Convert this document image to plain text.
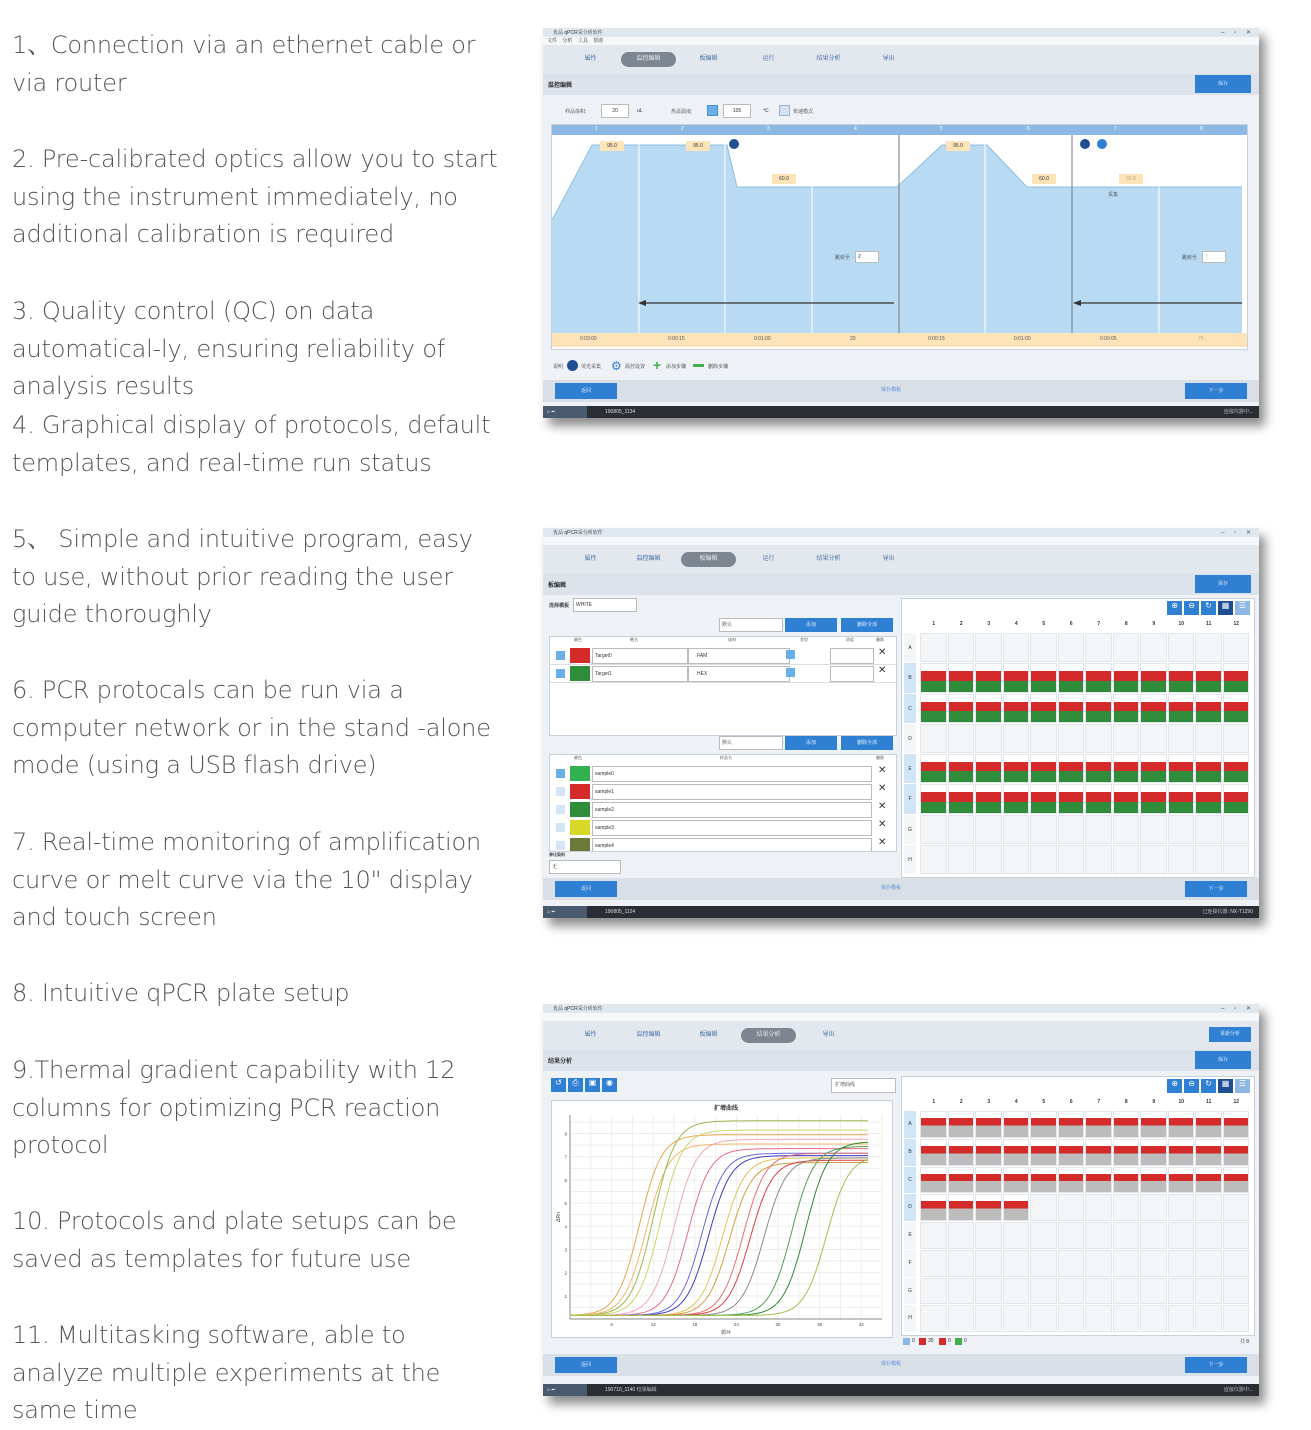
1、Connection via an ethernet cable or via router
2. Pre-calibrated optics allow you to start using the instrument immediately, no additional calibration is required
3. Quality control (QC) on data automatical-ly, ensuring reliability of analysis results
4. Graphical display of protocols, default templates, and real-time run status
5、 Simple and intuitive program, easy to use, without prior reading the user guide thoroughly
6. PCR protocals can be run via a computer network or in the stand -alone mode (using a USB flash drive)
7. Real-time monitoring of amplification curve or melt curve via the 10" display and touch screen
8. Intuitive qPCR plate setup
9.Thermal gradient capability with 12 columns for optimizing PCR reaction protocol
10. Protocols and plate setups can be saved as templates for future use
11. Multitasking software, able to analyze multiple experiments at the same time
优品 qPCR采分析软件	– ▫ ✕
文件 分析 工具 帮助
属性	温控编辑	板编辑	运行	结果分析	导出
温控编辑	保存
样品体积:	20	uL	热盖温度:	105	℃	快速模式
1	2	3	4	5	6	7	8
95.0	95.0
60.0
95.0
60.0	65.0
采集
跳转至	2	跳转至	7
0:03:00	0:00:15	0:01:00	20	0:00:15	0:01:00	0:00:05	75
说明	荧光采集 ⚙ 温控设置 + 添加步骤	删除步骤
返回	保存模板	下一步
⌂ ▪▪	190805_1134	连接仪器中...
优品 qPCR采分析软件	– ▫ ✕
属性	温控编辑	板编辑	运行	结果分析	导出
板编辑	保存
选择模板	WHITE
默认	添加	删除全部
颜色	靶名	染料	类型	浓度	删除
Target0	FAM	✕
Target1	HEX	✕
默认	添加	删除全部
颜色	样品名	删除
sample0	✕
sample1	✕
sample2	✕
sample3	✕
sample4	✕
参比染料
无
⊕ ⊖ ↻ ▦ ☰
1	2	3	4	5	6	7	8	9	10	11	12
A
B
C
D
E
F
G
H
返回	保存模板	下一步
⌂ ▪▪	190805_1124	已连接仪器: NX-T1290
优品 qPCR采分析软件	– ▫ ✕
属性	温控编辑	板编辑	结果分析	导出	重新分析
结果分析	保存
↺	⎙	▣	◉	扩增曲线
扩增曲线
循环
ΔRn
6	12	18	24	30	36	42
1
2
3
4
5
6
7
8
⊕ ⊖ ↻ ▦ ☰
1	2	3	4	5	6	7	8	9	10	11	12
A
B
C
D
E
F
G
H
0	35	0	0	共 8
返回	保存模板	下一步
⌂ ▪▪	190710_1140 结果编辑	连接仪器中...
